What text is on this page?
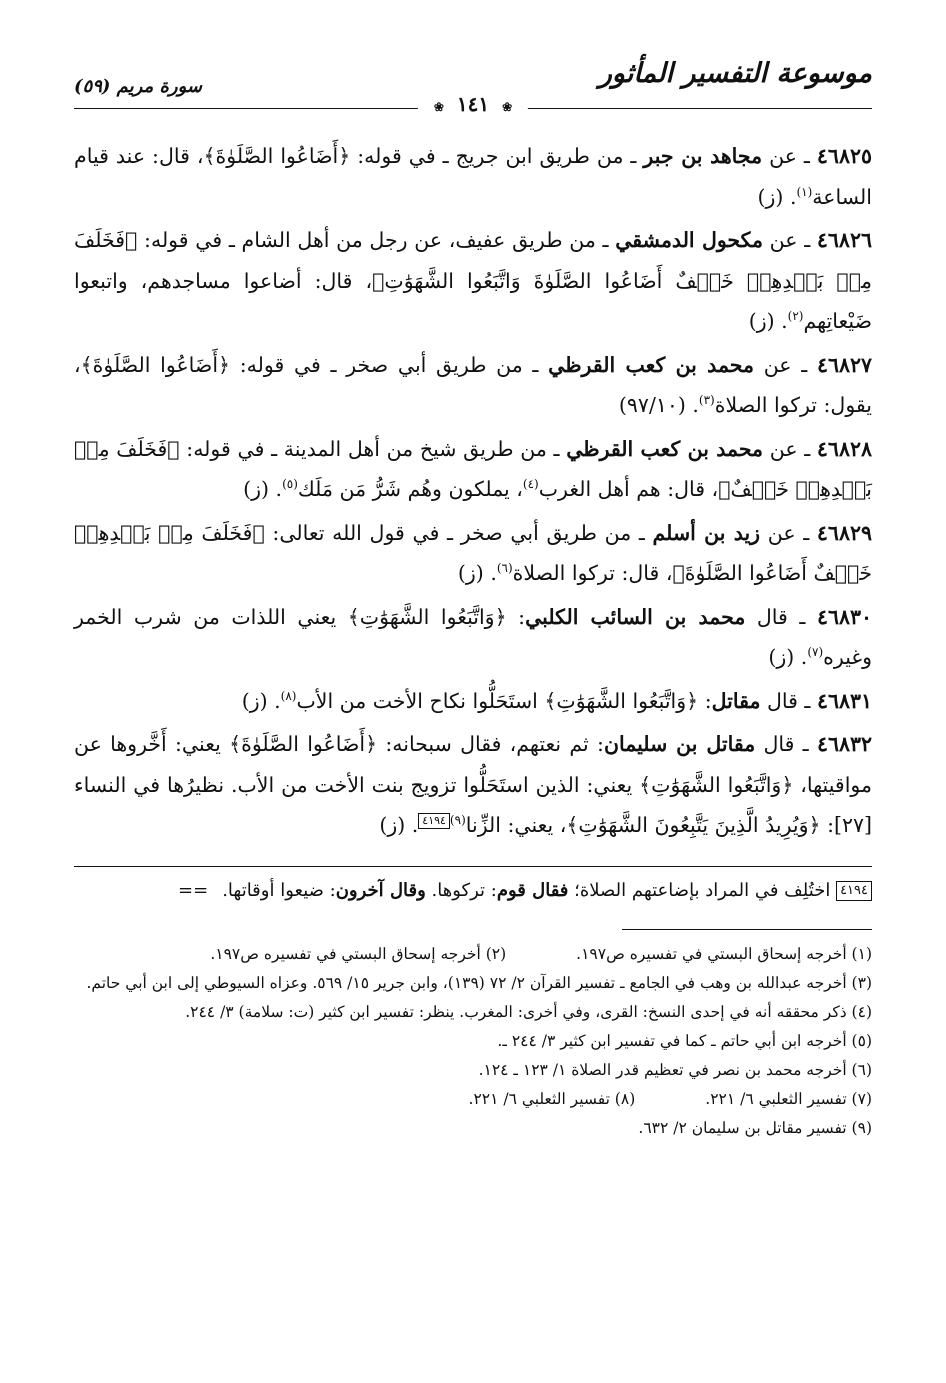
موسوعة التفسير المأثور
❀ ١٤١ ❀
سورة مريم (٥٩)

٤٦٨٢٥ ـ عن مجاهد بن جبر ـ من طريق ابن جريج ـ في قوله: ﴿أَضَاعُوا الصَّلَوٰةَ﴾، قال: عند قيام الساعة$^{(١)}$. (ز)

٤٦٨٢٦ ـ عن مكحول الدمشقي ـ من طريق عفيف، عن رجل من أهل الشام ـ في قوله: ﴿فَخَلَفَ مِنۢ بَعۡدِهِمۡ خَلۡفٌ أَضَاعُوا الصَّلَوٰةَ وَاتَّبَعُوا الشَّهَوَٰتِ﴾، قال: أضاعوا مساجدهم، واتبعوا ضَيْعاتِهم$^{(٢)}$. (ز)

٤٦٨٢٧ ـ عن محمد بن كعب القرظي ـ من طريق أبي صخر ـ في قوله: ﴿أَضَاعُوا الصَّلَوٰةَ﴾، يقول: تركوا الصلاة$^{(٣)}$. (٩٧/١٠)

٤٦٨٢٨ ـ عن محمد بن كعب القرظي ـ من طريق شيخ من أهل المدينة ـ في قوله: ﴿فَخَلَفَ مِنۢ بَعۡدِهِمۡ خَلۡفٌ﴾، قال: هم أهل الغرب$^{(٤)}$، يملكون وهُم شَرُّ مَن مَلَك$^{(٥)}$. (ز)

٤٦٨٢٩ ـ عن زيد بن أسلم ـ من طريق أبي صخر ـ في قول الله تعالى: ﴿فَخَلَفَ مِنۢ بَعۡدِهِمۡ خَلۡفٌ أَضَاعُوا الصَّلَوٰةَ﴾، قال: تركوا الصلاة$^{(٦)}$. (ز)

٤٦٨٣٠ ـ قال محمد بن السائب الكلبي: ﴿وَاتَّبَعُوا الشَّهَوَٰتِ﴾ يعني اللذات من شرب الخمر وغيره$^{(٧)}$. (ز)

٤٦٨٣١ ـ قال مقاتل: ﴿وَاتَّبَعُوا الشَّهَوَٰتِ﴾ استَحَلُّوا نكاح الأخت من الأب$^{(٨)}$. (ز)

٤٦٨٣٢ ـ قال مقاتل بن سليمان: ثم نعتهم، فقال سبحانه: ﴿أَضَاعُوا الصَّلَوٰةَ﴾ يعني: أَخَّروها عن مواقيتها، ﴿وَاتَّبَعُوا الشَّهَوَٰتِ﴾ يعني: الذين استَحَلُّوا تزويج بنت الأخت من الأب. نظيرُها في النساء [٢٧]: ﴿وَيُرِيدُ الَّذِينَ يَتَّبِعُونَ الشَّهَوَٰتِ﴾، يعني: الزِّنا$^{(٩)}$٤١٩٤. (ز)

٤١٩٤ اختُلِف في المراد بإضاعتهم الصلاة؛ فقال قوم: تركوها. وقال آخرون: ضيعوا أوقاتها.==

(١) أخرجه إسحاق البستي في تفسيره ص١٩٧.
(٢) أخرجه إسحاق البستي في تفسيره ص١٩٧.

(٣) أخرجه عبدالله بن وهب في الجامع ـ تفسير القرآن ٢/ ٧٢ (١٣٩)، وابن جرير ١٥/ ٥٦٩. وعزاه السيوطي إلى ابن أبي حاتم.

(٤) ذكر محققه أنه في إحدى النسخ: القرى، وفي أخرى: المغرب. ينظر: تفسير ابن كثير (ت: سلامة) ٣/ ٢٤٤.

(٥) أخرجه ابن أبي حاتم ـ كما في تفسير ابن كثير ٣/ ٢٤٤ ـ.

(٦) أخرجه محمد بن نصر في تعظيم قدر الصلاة ١/ ١٢٣ ـ ١٢٤.

(٧) تفسير الثعلبي ٦/ ٢٢١.
(٨) تفسير الثعلبي ٦/ ٢٢١.

(٩) تفسير مقاتل بن سليمان ٢/ ٦٣٢.
